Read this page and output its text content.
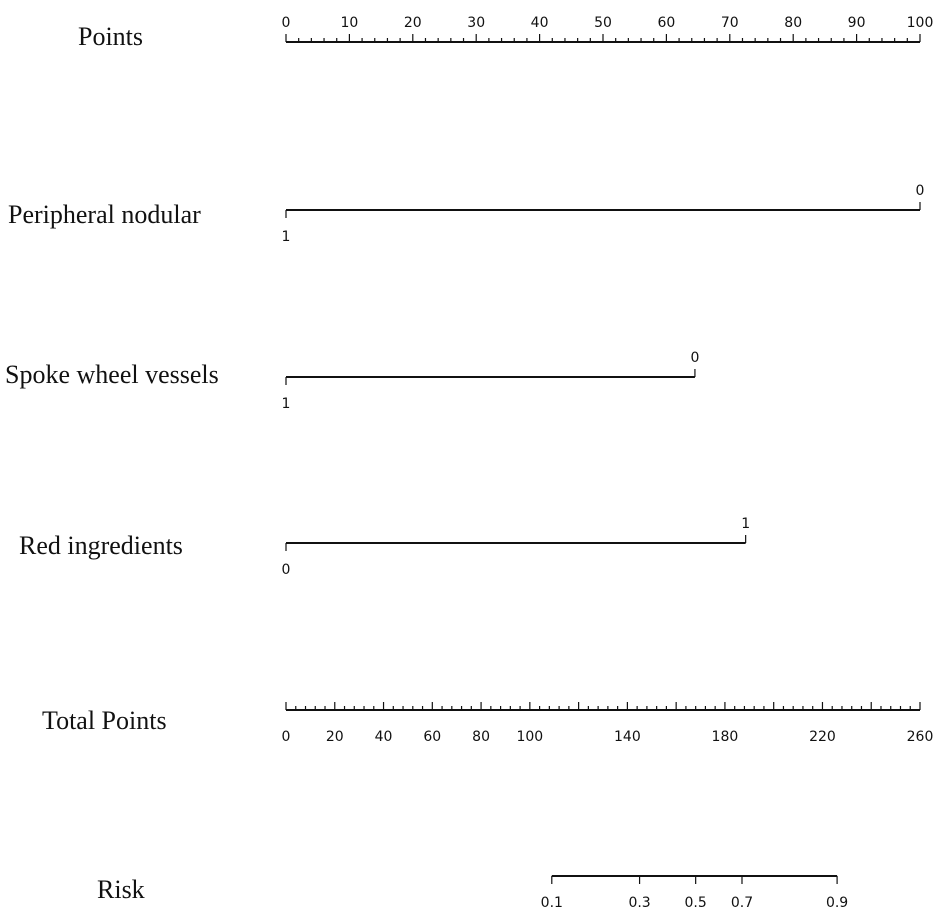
Points
Peripheral nodular
Spoke wheel vessels
Red ingredients
Total Points
Risk
0	10	20	30	40	50	60	70	80	90	100
1
0
1
0
0
1
0	20 40 60 80 100	140	180	220	260
0.1	0.3 0.5 0.7	0.9
